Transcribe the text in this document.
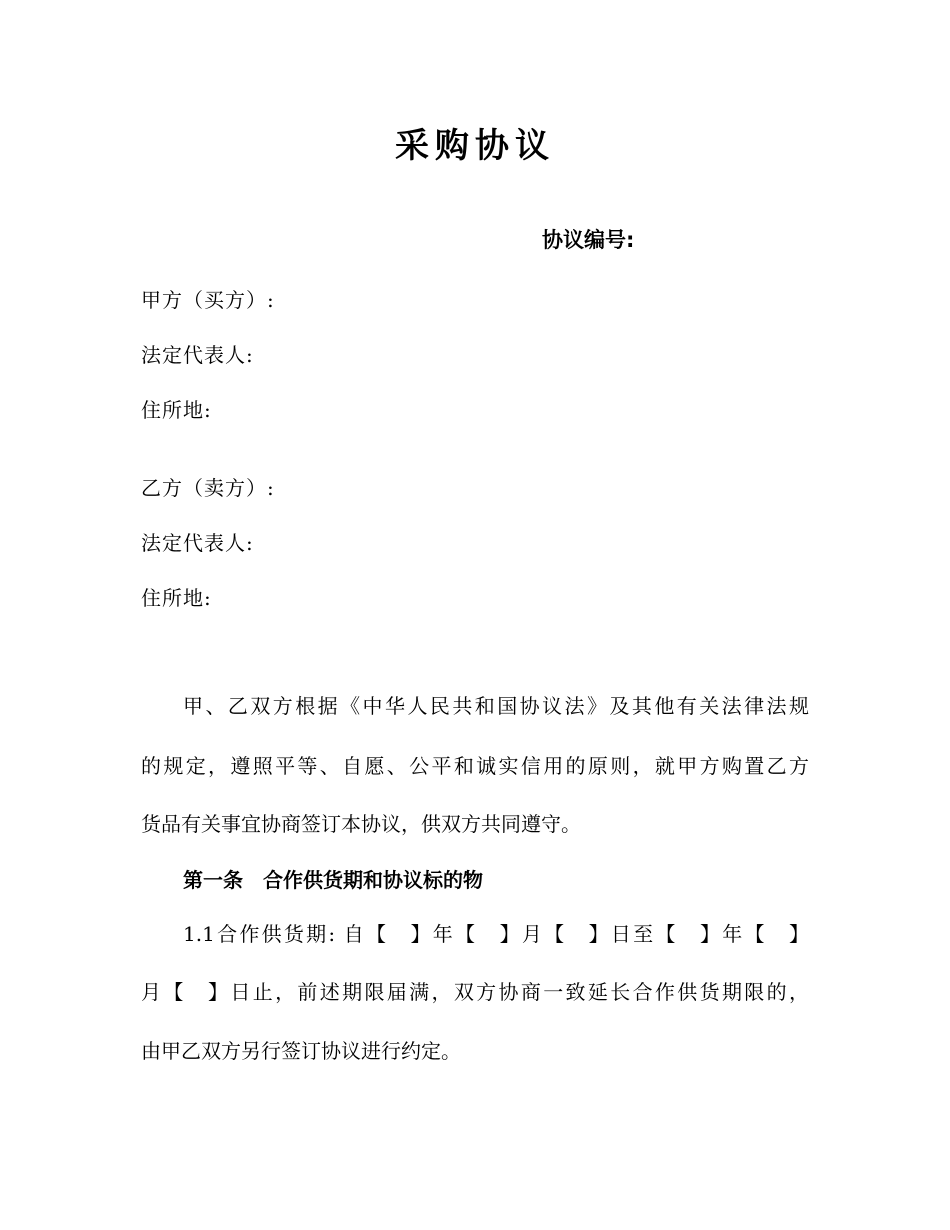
采购协议
协议编号:
甲方（买方）:
法定代表人:
住所地:
乙方（卖方）:
法定代表人:
住所地:
甲、乙双方根据《中华人民共和国协议法》及其他有关法律法规
的规定，遵照平等、自愿、公平和诚实信用的原则，就甲方购置乙方
货品有关事宜协商签订本协议，供双方共同遵守。
第一条　合作供货期和协议标的物
1.1合作供货期: 自【　】年【　】月【　】日至【　】年【　】
月【　】日止，前述期限届满，双方协商一致延长合作供货期限的，
由甲乙双方另行签订协议进行约定。
